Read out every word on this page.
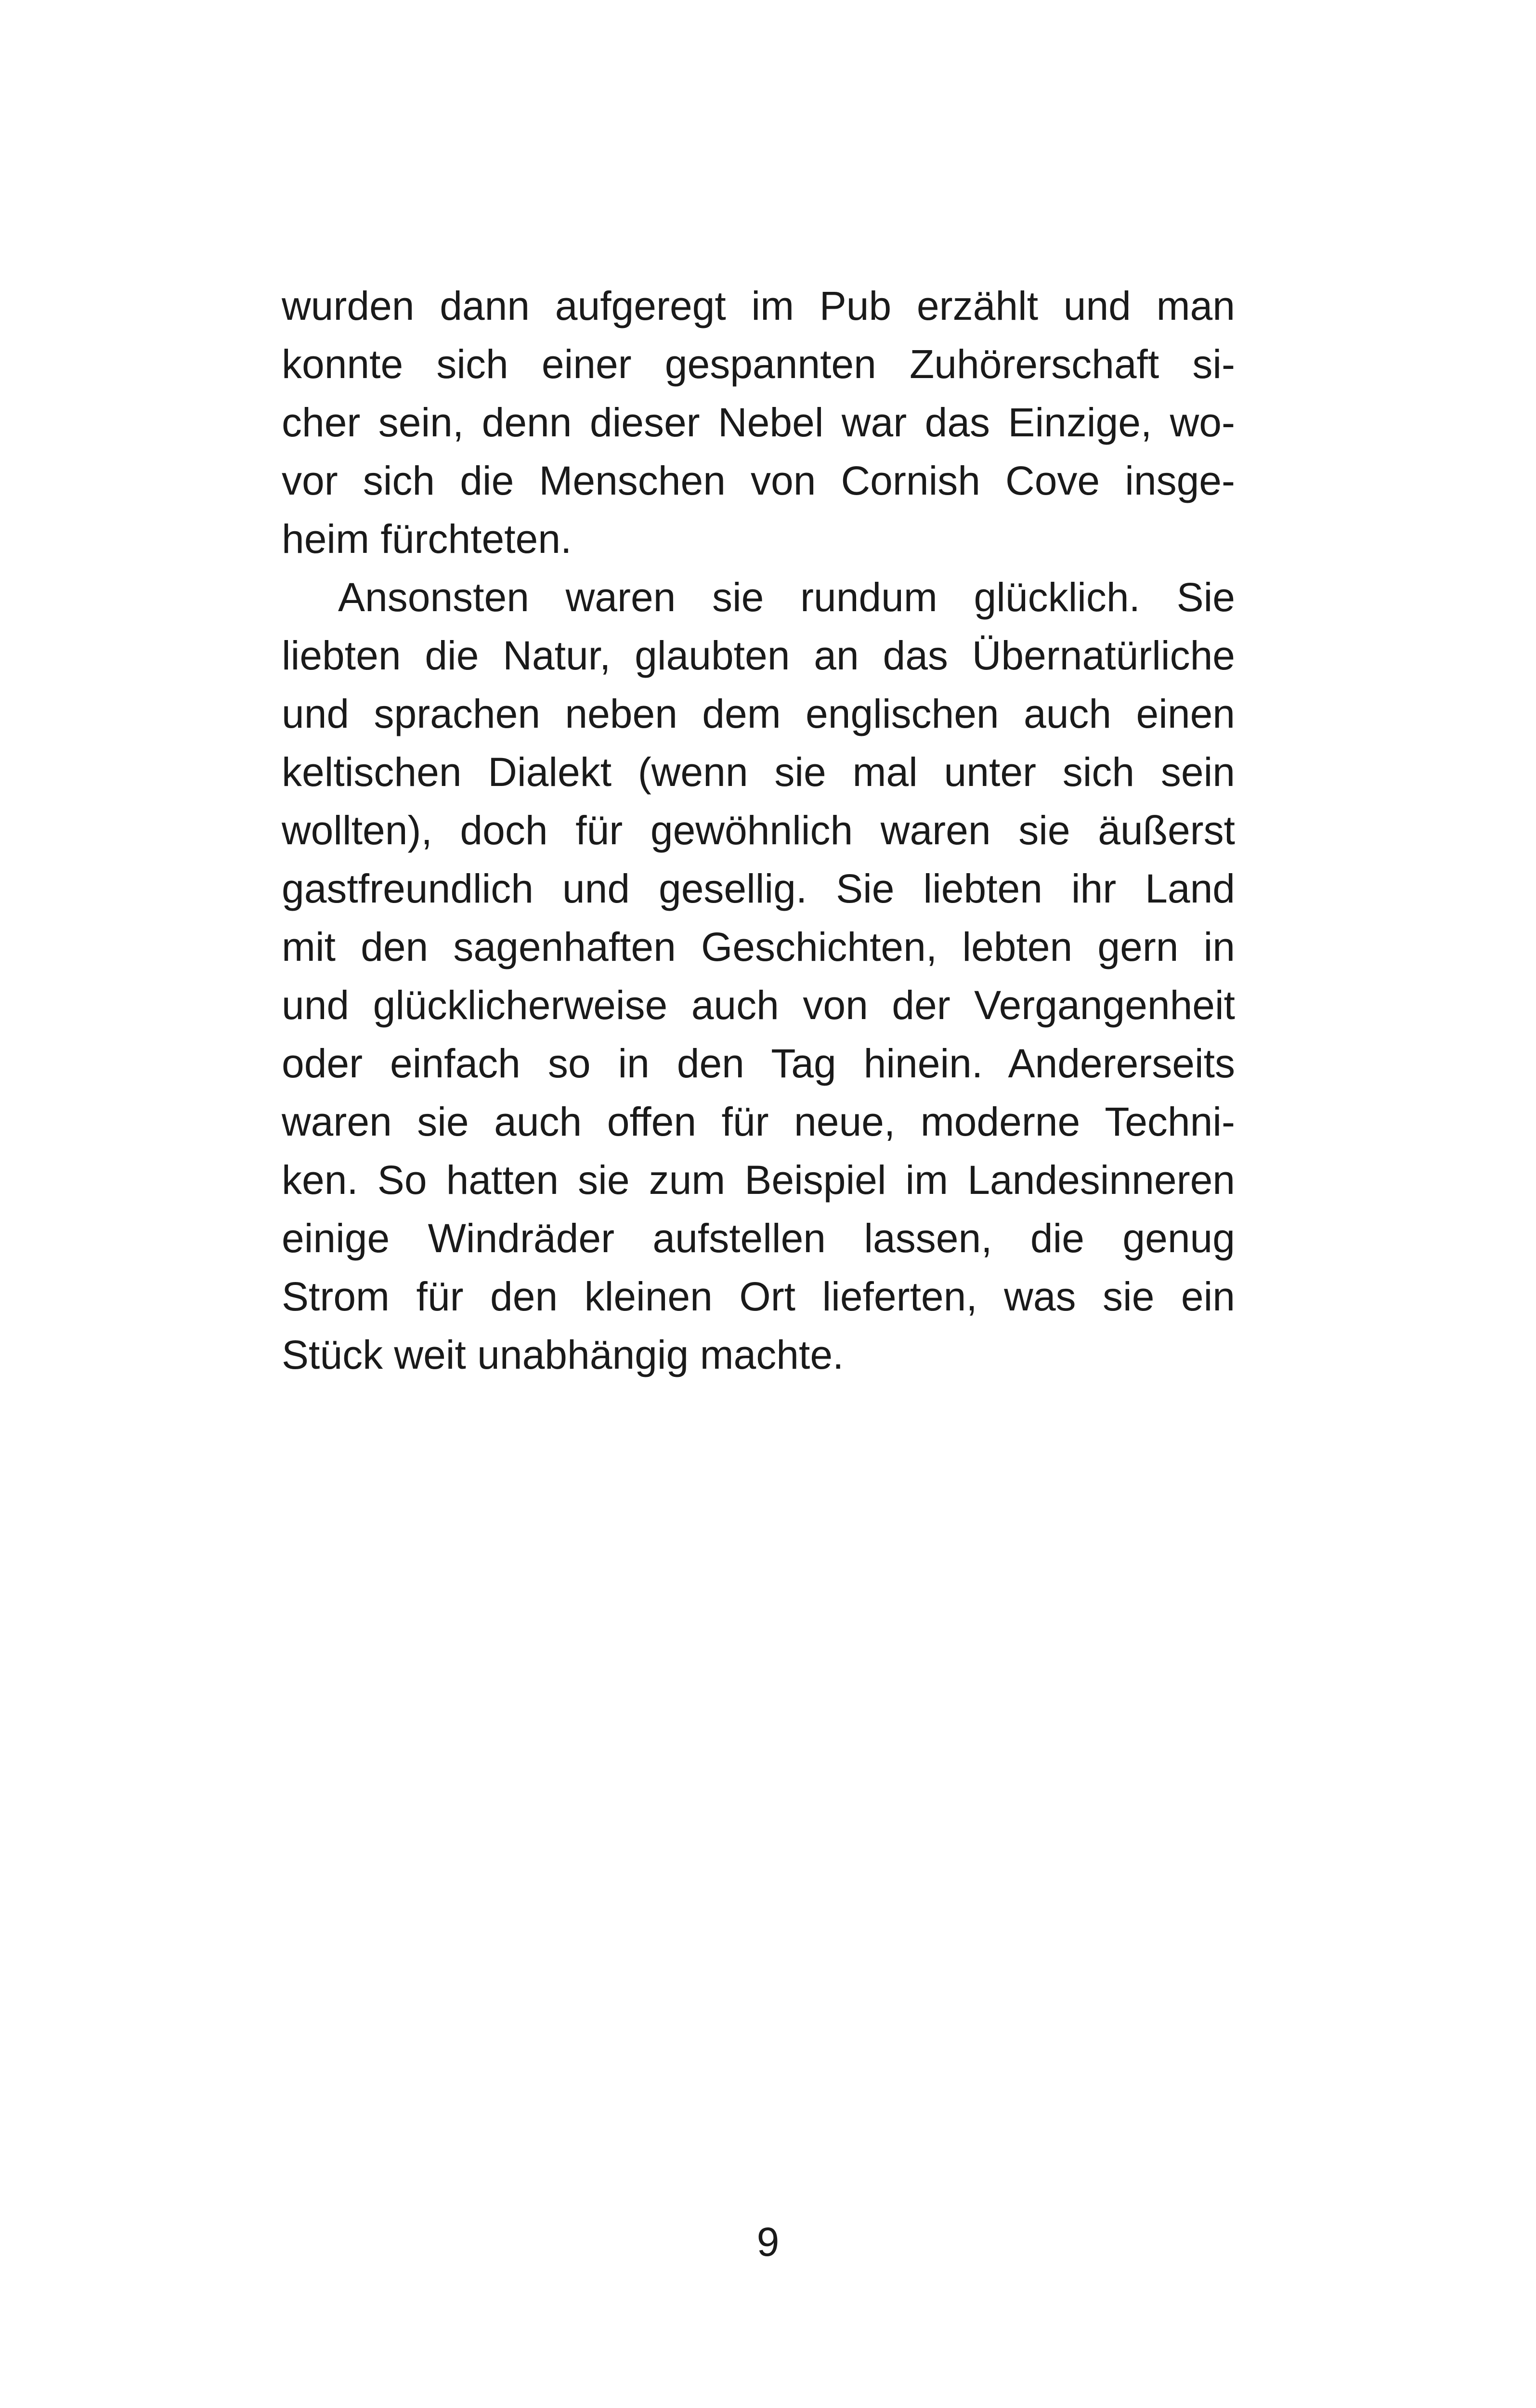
wurden dann aufgeregt im Pub erzählt und man
konnte sich einer gespannten Zuhörerschaft si-
cher sein, denn dieser Nebel war das Einzige, wo-
vor sich die Menschen von Cornish Cove insge-
heim fürchteten.
Ansonsten waren sie rundum glücklich. Sie
liebten die Natur, glaubten an das Übernatürliche
und sprachen neben dem englischen auch einen
keltischen Dialekt (wenn sie mal unter sich sein
wollten), doch für gewöhnlich waren sie äußerst
gastfreundlich und gesellig. Sie liebten ihr Land
mit den sagenhaften Geschichten, lebten gern in
und glücklicherweise auch von der Vergangenheit
oder einfach so in den Tag hinein. Andererseits
waren sie auch offen für neue, moderne Techni-
ken. So hatten sie zum Beispiel im Landesinneren
einige Windräder aufstellen lassen, die genug
Strom für den kleinen Ort lieferten, was sie ein
Stück weit unabhängig machte.
9
